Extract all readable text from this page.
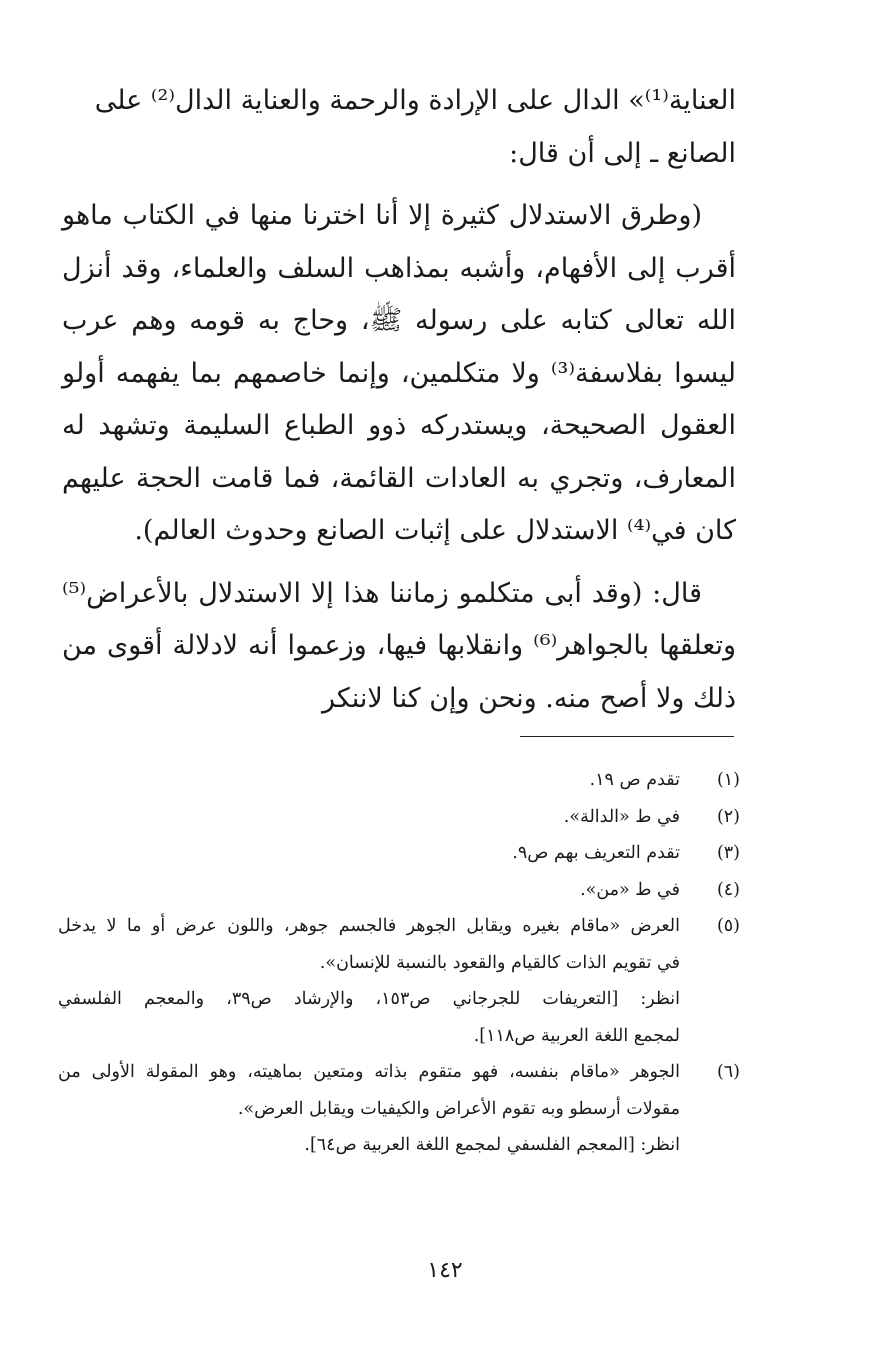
العناية⁽¹⁾» الدال على الإرادة والرحمة والعناية الدال⁽²⁾ على
الصانع ـ إلى أن قال:

(وطرق الاستدلال كثيرة إلا أنا اخترنا منها في الكتاب ماهو أقرب إلى الأفهام، وأشبه بمذاهب السلف والعلماء، وقد أنزل الله تعالى كتابه على رسوله ﷺ، وحاج به قومه وهم عرب ليسوا بفلاسفة⁽³⁾ ولا متكلمين، وإنما خاصمهم بما يفهمه أولو العقول الصحيحة، ويستدركه ذوو الطباع السليمة وتشهد له المعارف، وتجري به العادات القائمة، فما قامت الحجة عليهم كان في⁽⁴⁾ الاستدلال على إثبات الصانع وحدوث العالم).

قال: (وقد أبى متكلمو زماننا هذا إلا الاستدلال بالأعراض⁽⁵⁾ وتعلقها بالجواهر⁽⁶⁾ وانقلابها فيها، وزعموا أنه لادلالة أقوى من ذلك ولا أصح منه. ونحن وإن كنا لاننكر

(١)
تقدم ص ١٩.
(٢)
في ط «الدالة».
(٣)
تقدم التعريف بهم ص٩.
(٤)
في ط «من».
(٥)
العرض «ماقام بغيره ويقابل الجوهر فالجسم جوهر، واللون عرض أو ما لا يدخل
في تقويم الذات كالقيام والقعود بالنسبة للإنسان».
انظر: [التعريفات للجرجاني ص١٥٣، والإرشاد ص٣٩، والمعجم الفلسفي
لمجمع اللغة العربية ص١١٨].
(٦)
الجوهر «ماقام بنفسه، فهو متقوم بذاته ومتعين بماهيته، وهو المقولة الأولى من
مقولات أرسطو وبه تقوم الأعراض والكيفيات ويقابل العرض».
انظر: [المعجم الفلسفي لمجمع اللغة العربية ص٦٤].
١٤٢
